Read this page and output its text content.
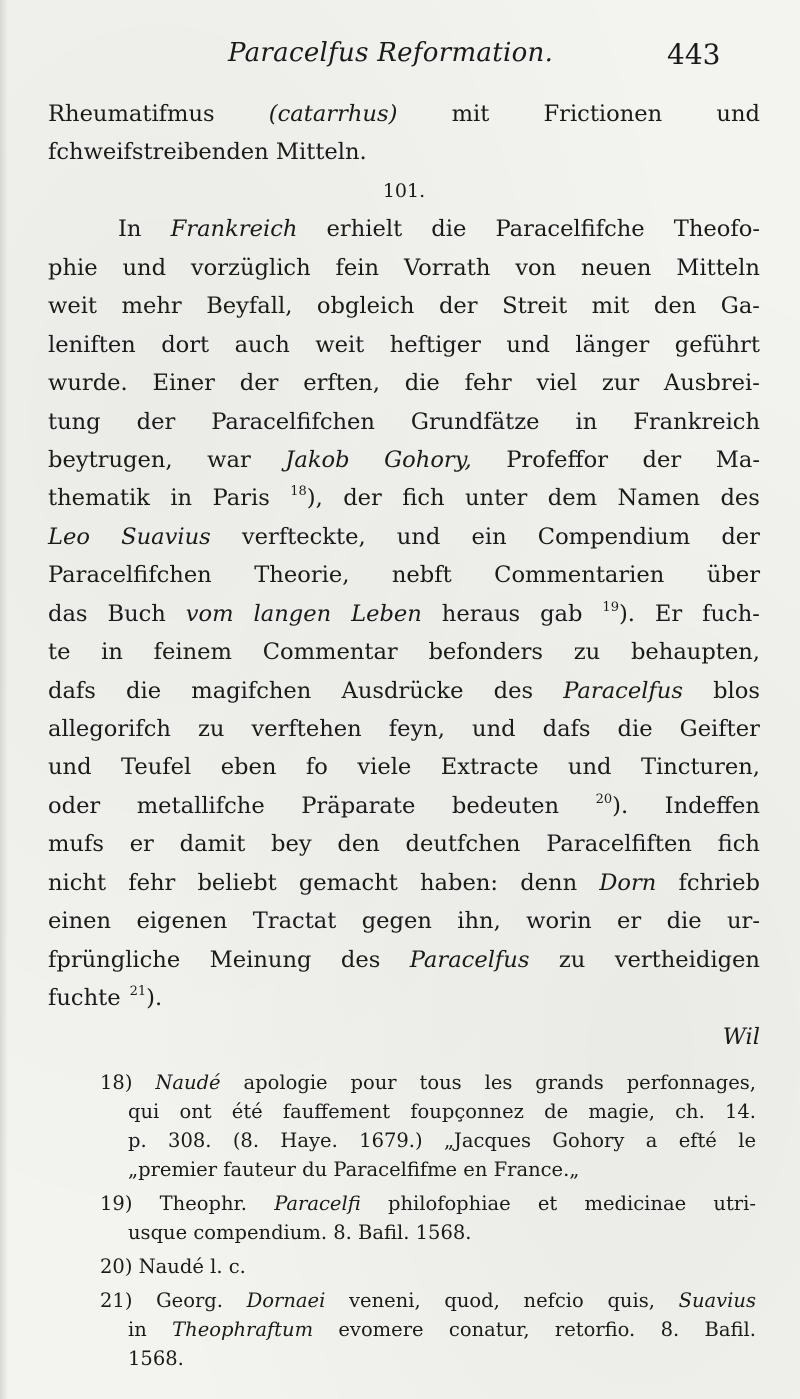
Paracelfus Reformation.	443
Rheumatifmus (catarrhus) mit Frictionen und
fchweifstreibenden Mitteln.
101.
In Frankreich erhielt die Paracelfifche Theofo-
phie und vorzüglich fein Vorrath von neuen Mitteln
weit mehr Beyfall, obgleich der Streit mit den Ga-
leniften dort auch weit heftiger und länger geführt
wurde. Einer der erften, die fehr viel zur Ausbrei-
tung der Paracelfifchen Grundfätze in Frankreich
beytrugen, war Jakob Gohory, Profeffor der Ma-
thematik in Paris $^{18}$), der fich unter dem Namen des
Leo Suavius verfteckte, und ein Compendium der
Paracelfifchen Theorie, nebft Commentarien über
das Buch vom langen Leben heraus gab $^{19}$). Er fuch-
te in feinem Commentar befonders zu behaupten,
dafs die magifchen Ausdrücke des Paracelfus blos
allegorifch zu verftehen feyn, und dafs die Geifter
und Teufel eben fo viele Extracte und Tincturen,
oder metallifche Präparate bedeuten	$^{20}$). Indeffen
mufs er damit bey den deutfchen Paracelfiften fich
nicht fehr beliebt gemacht haben: denn Dorn fchrieb
einen eigenen Tractat gegen ihn, worin er die ur-
fprüngliche Meinung des Paracelfus zu vertheidigen
fuchte $^{21}$).
Wil
18) Naudé apologie pour tous les grands perfonnages,
qui ont été fauffement foupçonnez de magie, ch. 14.
p. 308. (8. Haye. 1679.) „Jacques Gohory a efté le
„premier fauteur du Paracelfifme en France.„
19) Theophr. Paracelfi philofophiae et medicinae utri-
usque compendium. 8. Bafil. 1568.
20) Naudé l. c.
21) Georg. Dornaei veneni, quod, nefcio quis, Suavius
in Theophraftum evomere conatur, retorfio. 8. Bafil.
1568.
